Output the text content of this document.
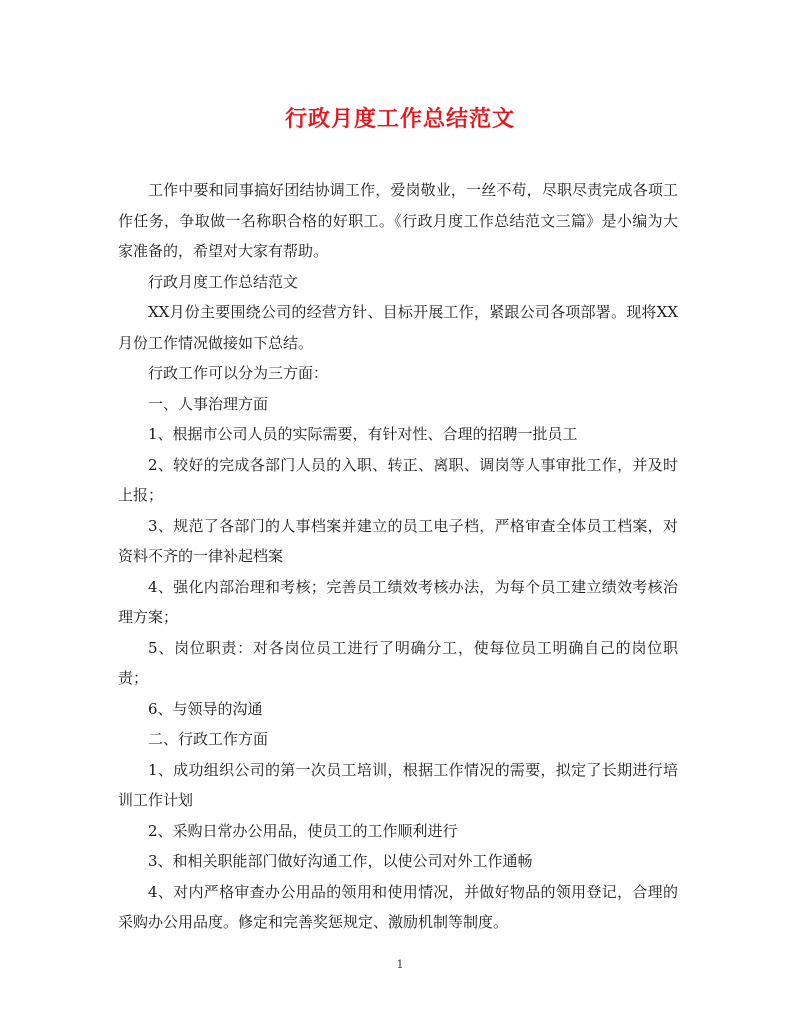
行政月度工作总结范文

工作中要和同事搞好团结协调工作，爱岗敬业，一丝不苟，尽职尽责完成各项工作任务，争取做一名称职合格的好职工。《行政月度工作总结范文三篇》是小编为大家准备的，希望对大家有帮助。

行政月度工作总结范文

XX月份主要围绕公司的经营方针、目标开展工作，紧跟公司各项部署。现将XX月份工作情况做接如下总结。

行政工作可以分为三方面：

一、人事治理方面

1、根据市公司人员的实际需要，有针对性、合理的招聘一批员工

2、较好的完成各部门人员的入职、转正、离职、调岗等人事审批工作，并及时上报；

3、规范了各部门的人事档案并建立的员工电子档，严格审查全体员工档案，对资料不齐的一律补起档案

4、强化内部治理和考核；完善员工绩效考核办法，为每个员工建立绩效考核治理方案；

5、岗位职责：对各岗位员工进行了明确分工，使每位员工明确自己的岗位职责；

6、与领导的沟通

二、行政工作方面

1、成功组织公司的第一次员工培训，根据工作情况的需要，拟定了长期进行培训工作计划

2、采购日常办公用品，使员工的工作顺利进行

3、和相关职能部门做好沟通工作，以使公司对外工作通畅

4、对内严格审查办公用品的领用和使用情况，并做好物品的领用登记，合理的采购办公用品度。修定和完善奖惩规定、激励机制等制度。

1
